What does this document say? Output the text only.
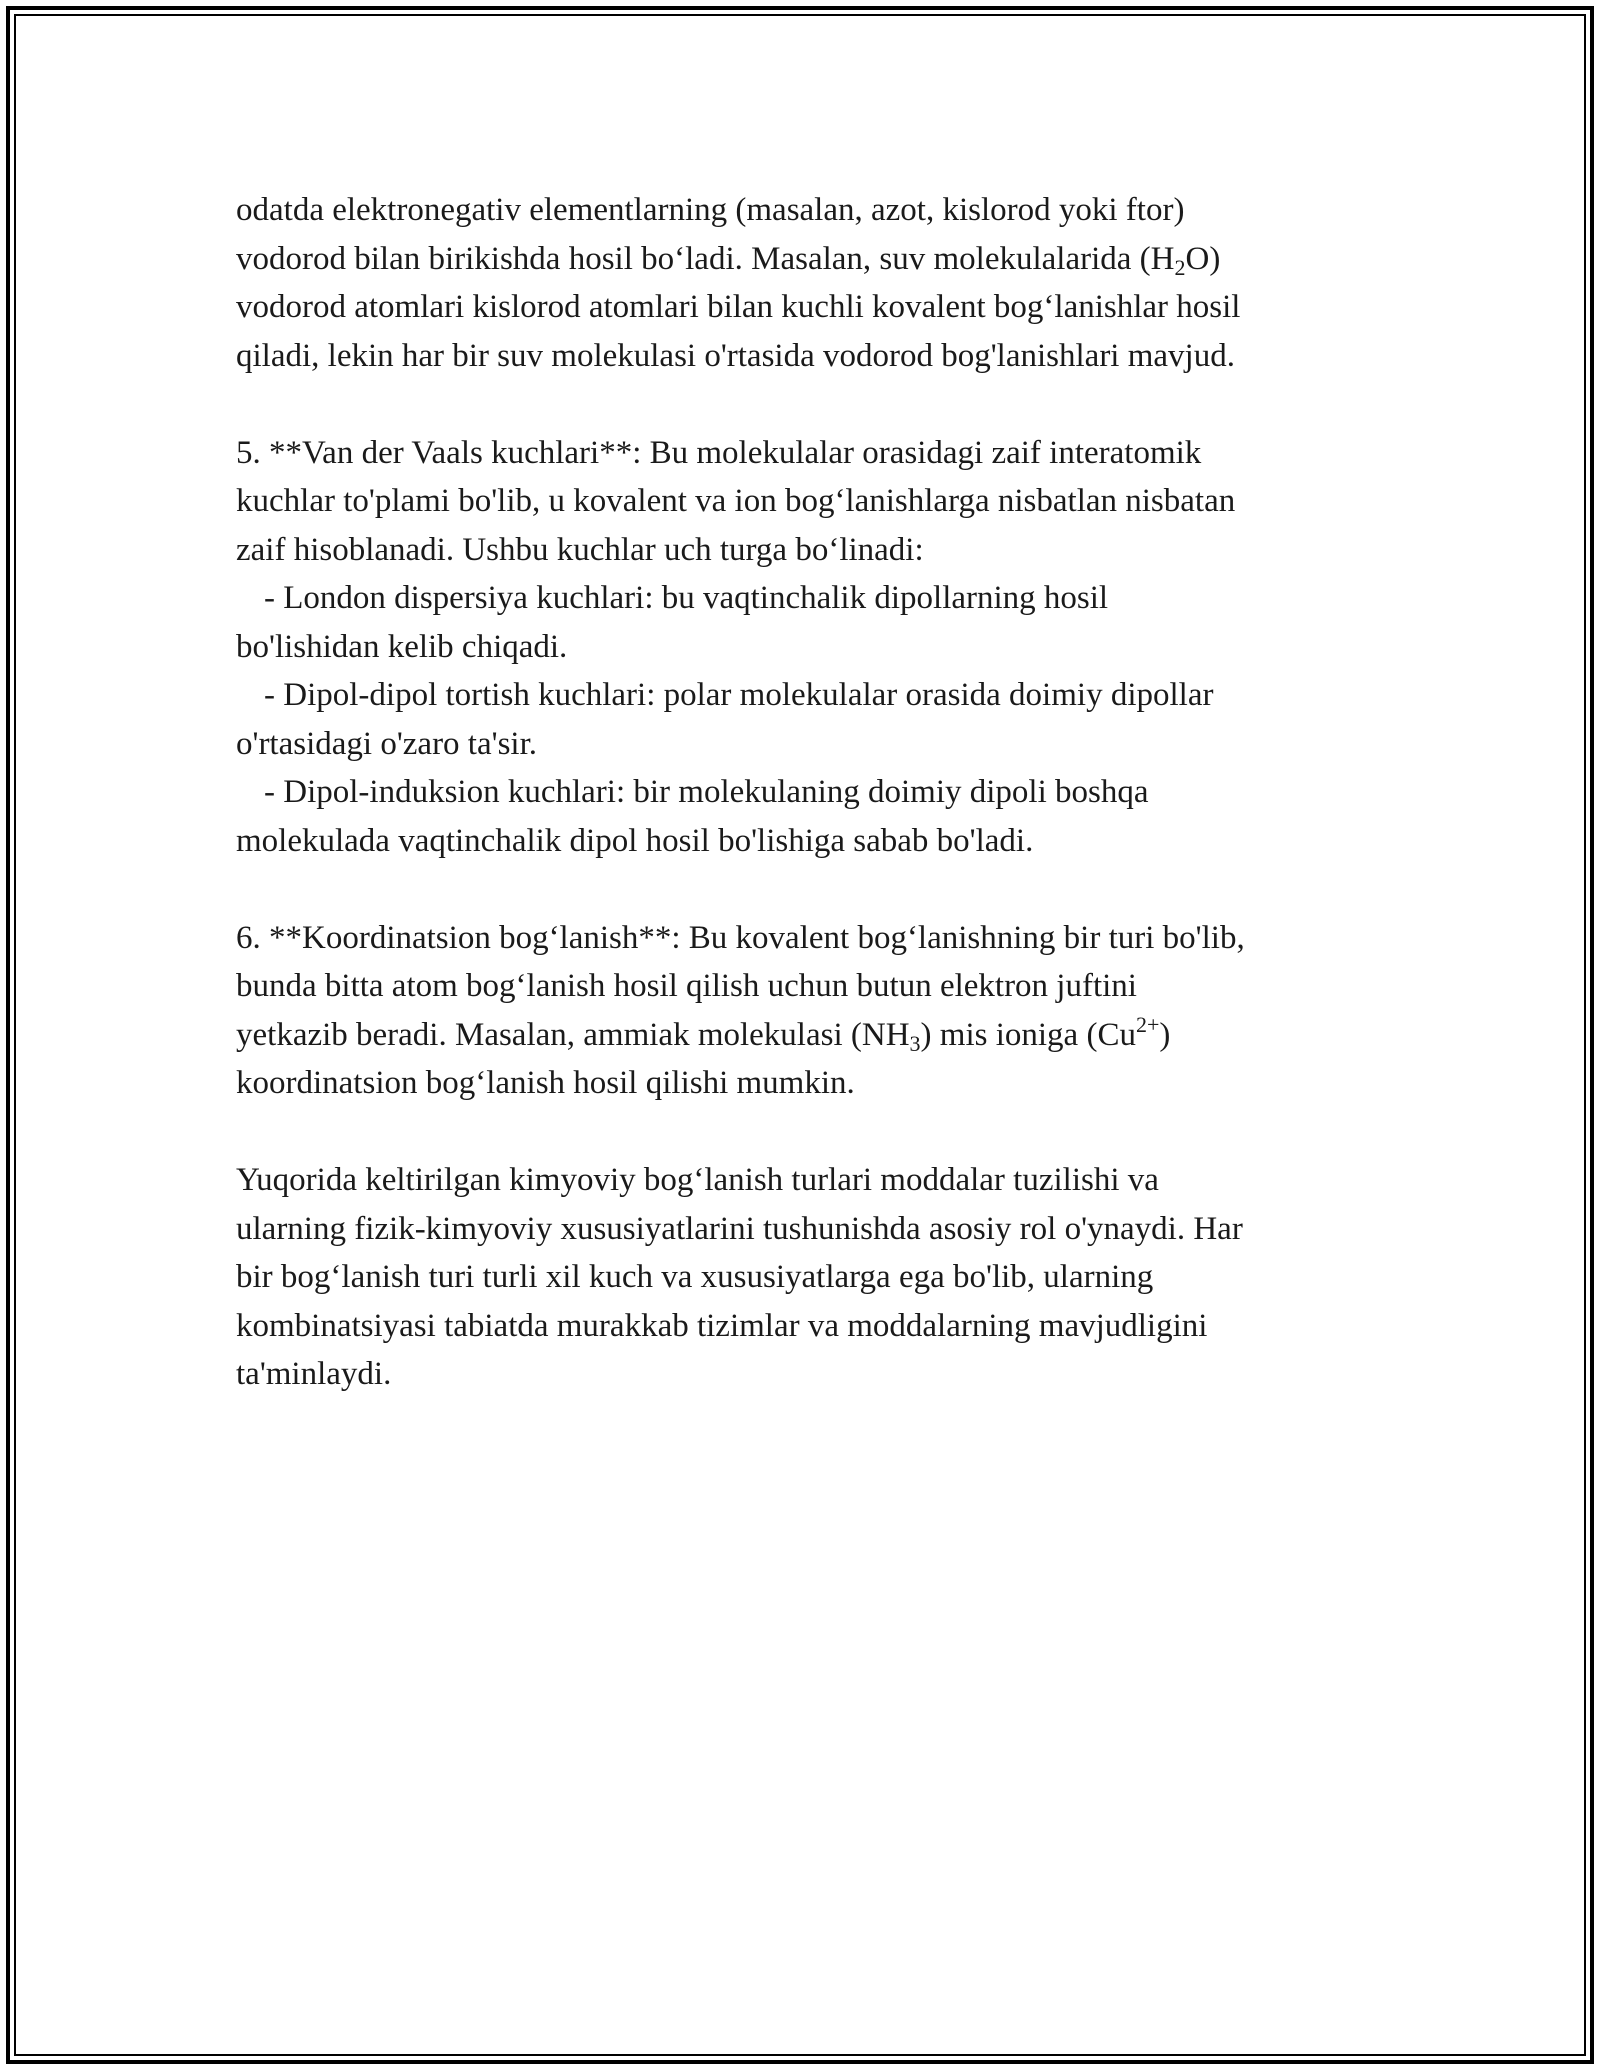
odatda elektronegativ elementlarning (masalan, azot, kislorod yoki ftor)
vodorod bilan birikishda hosil bo‘ladi. Masalan, suv molekulalarida $(H_2O)$
vodorod atomlari kislorod atomlari bilan kuchli kovalent bog‘lanishlar hosil
qiladi, lekin har bir suv molekulasi o'rtasida vodorod bog'lanishlari mavjud.

5. **Van der Vaals kuchlari**: Bu molekulalar orasidagi zaif interatomik
kuchlar to'plami bo'lib, u kovalent va ion bog‘lanishlarga nisbatlan nisbatan
zaif hisoblanadi. Ushbu kuchlar uch turga bo‘linadi:
- London dispersiya kuchlari: bu vaqtinchalik dipollarning hosil
bo'lishidan kelib chiqadi.
- Dipol-dipol tortish kuchlari: polar molekulalar orasida doimiy dipollar
o'rtasidagi o'zaro ta'sir.
- Dipol-induksion kuchlari: bir molekulaning doimiy dipoli boshqa
molekulada vaqtinchalik dipol hosil bo'lishiga sabab bo'ladi.

6. **Koordinatsion bog‘lanish**: Bu kovalent bog‘lanishning bir turi bo'lib,
bunda bitta atom bog‘lanish hosil qilish uchun butun elektron juftini
yetkazib beradi. Masalan, ammiak molekulasi $(NH_3)$ mis ioniga $(Cu^{2+})$
koordinatsion bog‘lanish hosil qilishi mumkin.

Yuqorida keltirilgan kimyoviy bog‘lanish turlari moddalar tuzilishi va
ularning fizik-kimyoviy xususiyatlarini tushunishda asosiy rol o'ynaydi. Har
bir bog‘lanish turi turli xil kuch va xususiyatlarga ega bo'lib, ularning
kombinatsiyasi tabiatda murakkab tizimlar va moddalarning mavjudligini
ta'minlaydi.
